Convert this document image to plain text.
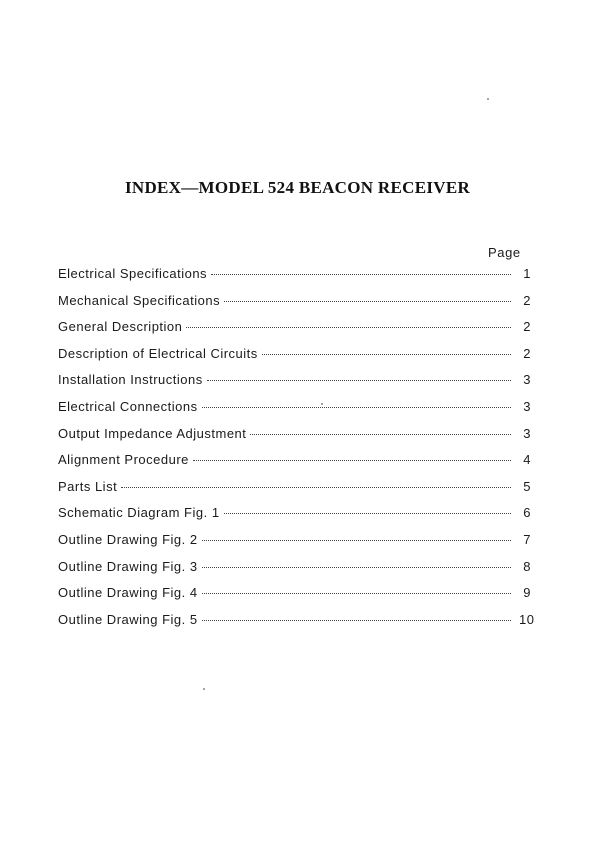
INDEX—MODEL 524 BEACON RECEIVER
Page
Electrical Specifications	1
Mechanical Specifications	2
General Description	2
Description of Electrical Circuits	2
Installation Instructions	3
Electrical Connections	3
Output Impedance Adjustment	3
Alignment Procedure	4
Parts List	5
Schematic Diagram Fig. 1	6
Outline Drawing Fig. 2	7
Outline Drawing Fig. 3	8
Outline Drawing Fig. 4	9
Outline Drawing Fig. 5	10
